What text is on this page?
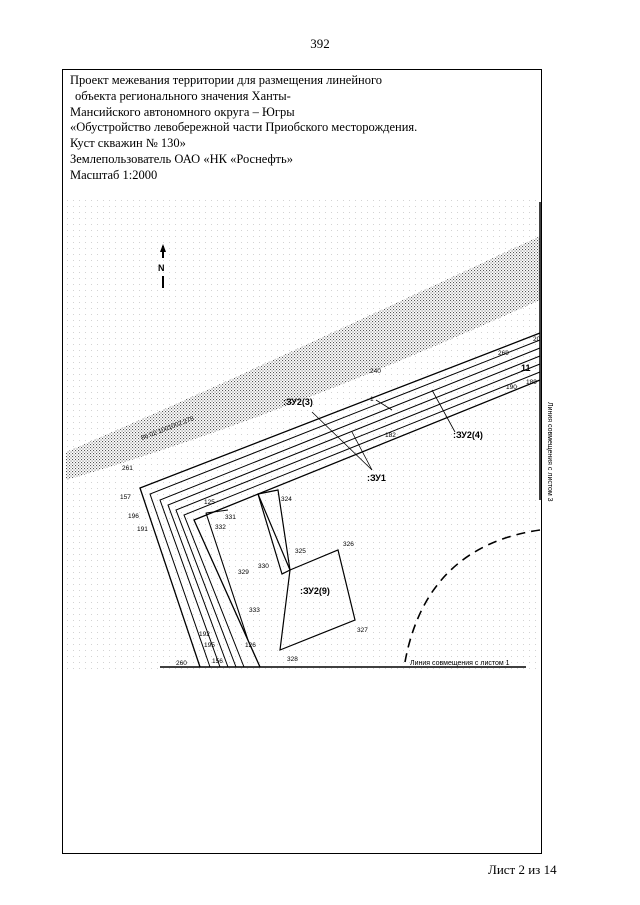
392
Проект межевания территории для размещения линейного
объекта регионального значения Ханты-
Мансийского автономного округа – Югры
«Обустройство левобережной части Приобского месторождения.
Куст скважин № 130»
Землепользователь ОАО «НК «Роснефть»
Масштаб 1:2000
N
Линия совмещения с листом 3
Линия совмещения с листом 1
86:02:1001002:278
:ЗУ2(3)
:ЗУ2(4)
:ЗУ1
:ЗУ2(9)
1
20
11
240
269
189
190
182
261
157
196
191
125	324
331
332
325
326
330
329
333
327
192
195	126
260	156	328
Лист 2 из 14
